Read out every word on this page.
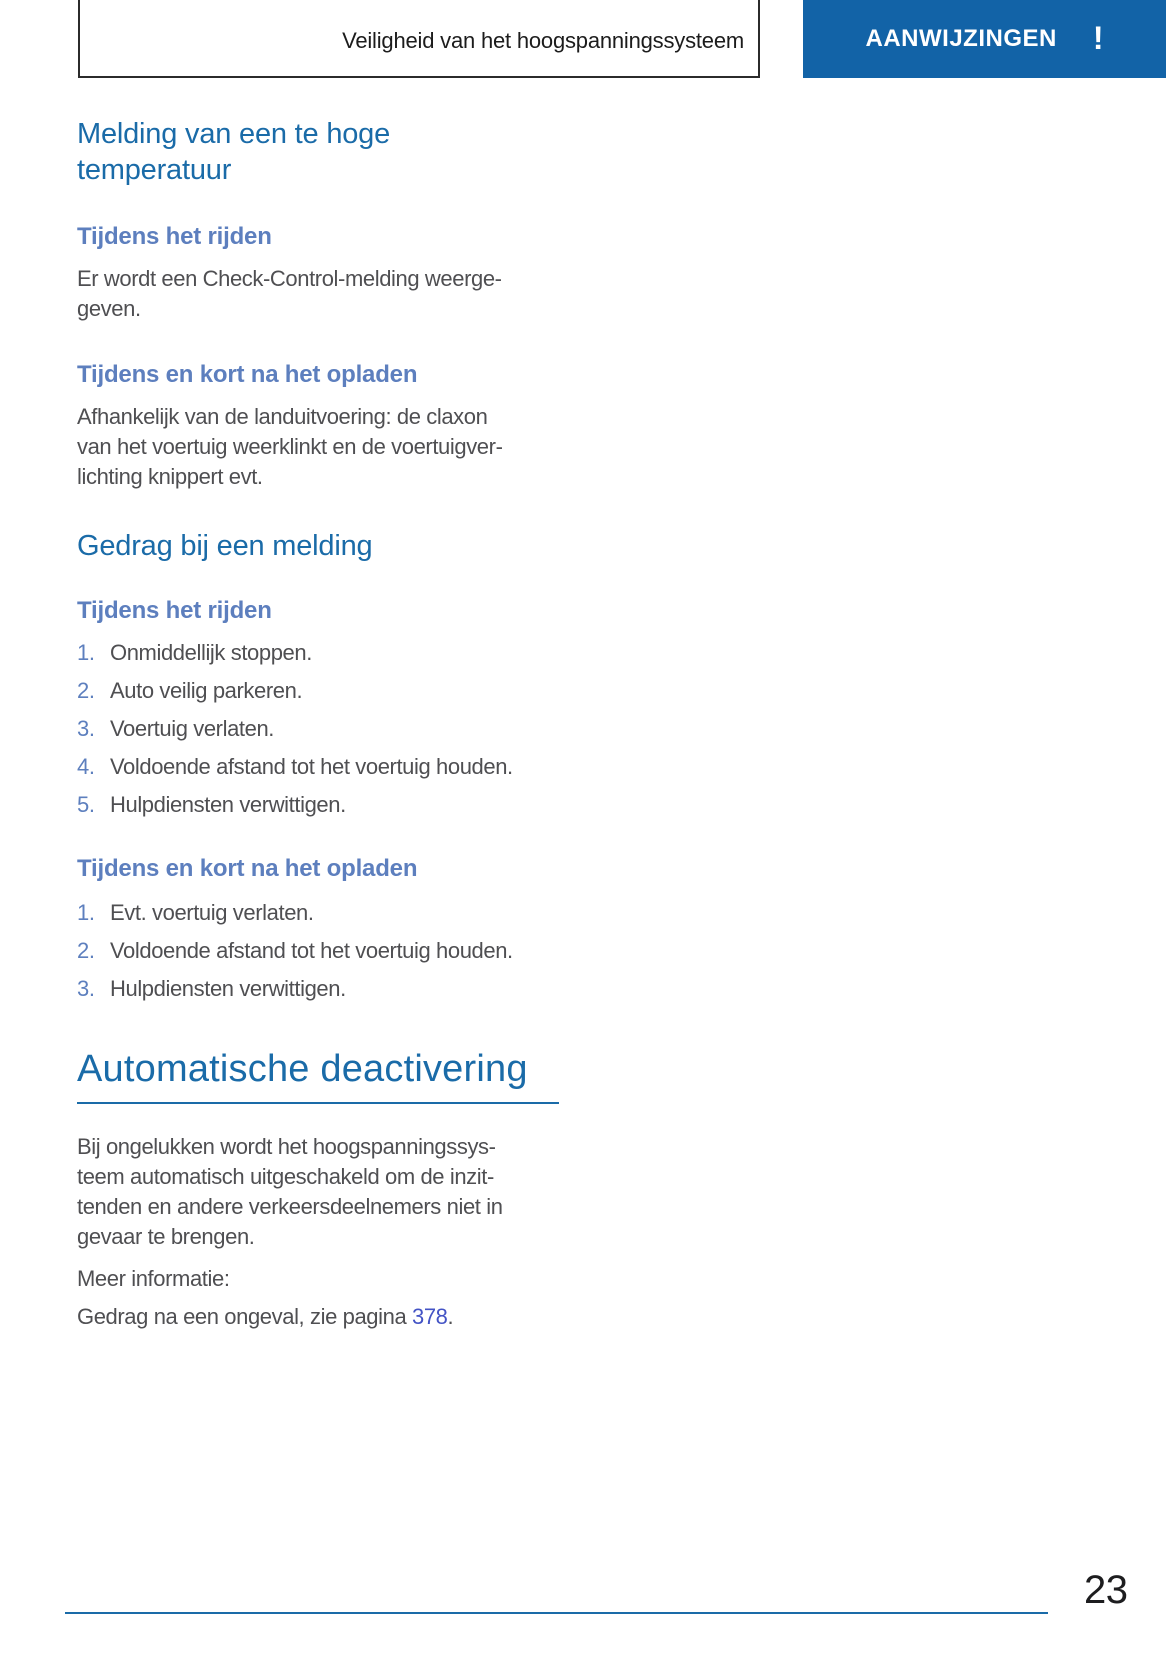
Veiligheid van het hoogspanningssysteem	AANWIJZINGEN !
Melding van een te hoge
temperatuur
Tijdens het rijden
Er wordt een Check-Control-melding weerge-
geven.
Tijdens en kort na het opladen
Afhankelijk van de landuitvoering: de claxon
van het voertuig weerklinkt en de voertuigver-
lichting knippert evt.
Gedrag bij een melding
Tijdens het rijden
1. Onmiddellijk stoppen.
2. Auto veilig parkeren.
3. Voertuig verlaten.
4. Voldoende afstand tot het voertuig houden.
5. Hulpdiensten verwittigen.
Tijdens en kort na het opladen
1. Evt. voertuig verlaten.
2. Voldoende afstand tot het voertuig houden.
3. Hulpdiensten verwittigen.
Automatische deactivering
Bij ongelukken wordt het hoogspanningssys-
teem automatisch uitgeschakeld om de inzit-
tenden en andere verkeersdeelnemers niet in
gevaar te brengen.
Meer informatie:
Gedrag na een ongeval, zie pagina 378.
23
